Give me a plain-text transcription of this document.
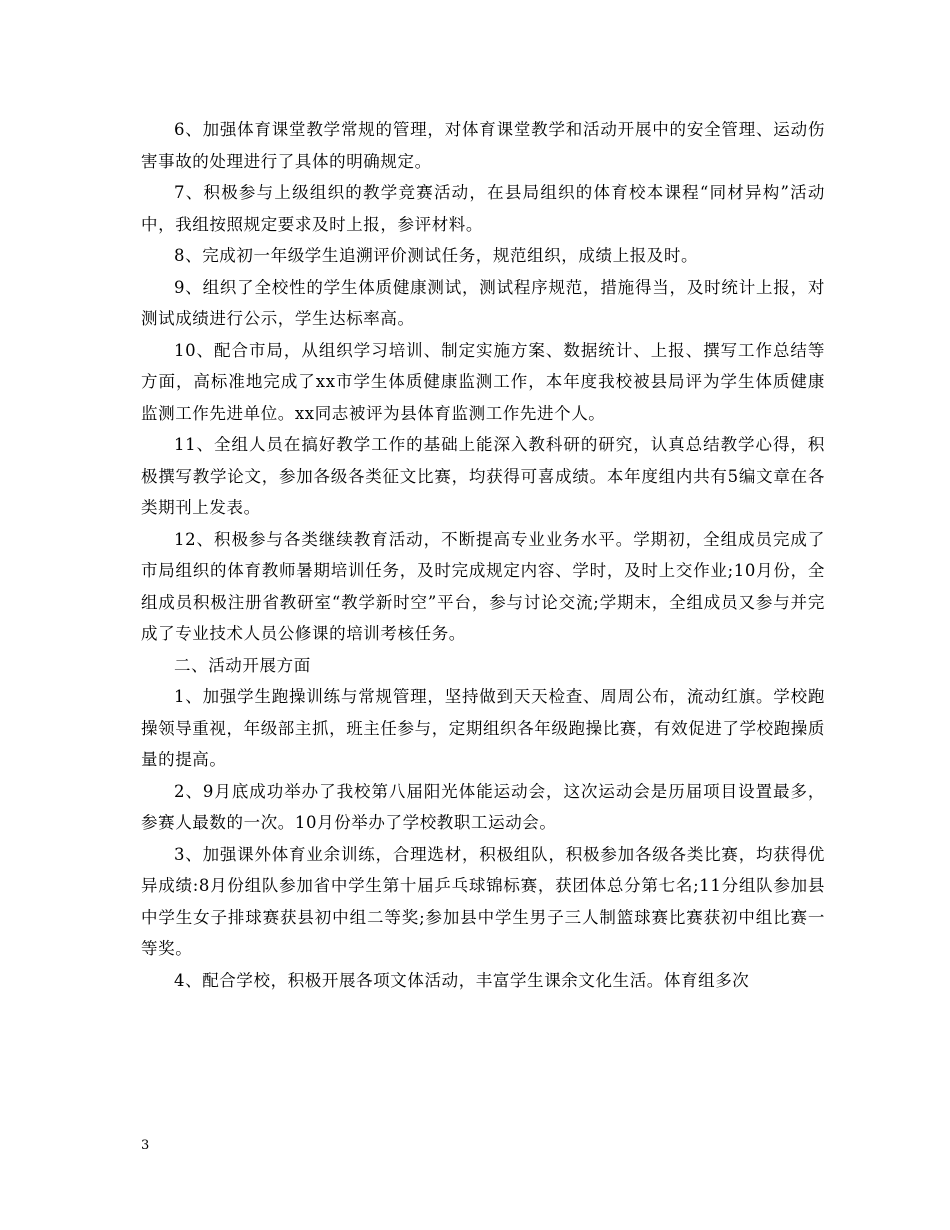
6、加强体育课堂教学常规的管理，对体育课堂教学和活动开展中的安全管理、运动伤害事故的处理进行了具体的明确规定。

7、积极参与上级组织的教学竞赛活动，在县局组织的体育校本课程“同材异构”活动中，我组按照规定要求及时上报，参评材料。

8、完成初一年级学生追溯评价测试任务，规范组织，成绩上报及时。

9、组织了全校性的学生体质健康测试，测试程序规范，措施得当，及时统计上报，对测试成绩进行公示，学生达标率高。

10、配合市局，从组织学习培训、制定实施方案、数据统计、上报、撰写工作总结等方面，高标准地完成了xx市学生体质健康监测工作，本年度我校被县局评为学生体质健康监测工作先进单位。xx同志被评为县体育监测工作先进个人。

11、全组人员在搞好教学工作的基础上能深入教科研的研究，认真总结教学心得，积极撰写教学论文，参加各级各类征文比赛，均获得可喜成绩。本年度组内共有5编文章在各类期刊上发表。

12、积极参与各类继续教育活动，不断提高专业业务水平。学期初，全组成员完成了市局组织的体育教师暑期培训任务，及时完成规定内容、学时，及时上交作业;10月份，全组成员积极注册省教研室“教学新时空”平台，参与讨论交流;学期末，全组成员又参与并完成了专业技术人员公修课的培训考核任务。

二、活动开展方面

1、加强学生跑操训练与常规管理，坚持做到天天检查、周周公布，流动红旗。学校跑操领导重视，年级部主抓，班主任参与，定期组织各年级跑操比赛，有效促进了学校跑操质量的提高。

2、9月底成功举办了我校第八届阳光体能运动会，这次运动会是历届项目设置最多，参赛人最数的一次。10月份举办了学校教职工运动会。

3、加强课外体育业余训练，合理选材，积极组队，积极参加各级各类比赛，均获得优异成绩:8月份组队参加省中学生第十届乒乓球锦标赛，获团体总分第七名;11分组队参加县中学生女子排球赛获县初中组二等奖;参加县中学生男子三人制篮球赛比赛获初中组比赛一等奖。

4、配合学校，积极开展各项文体活动，丰富学生课余文化生活。体育组多次

3
